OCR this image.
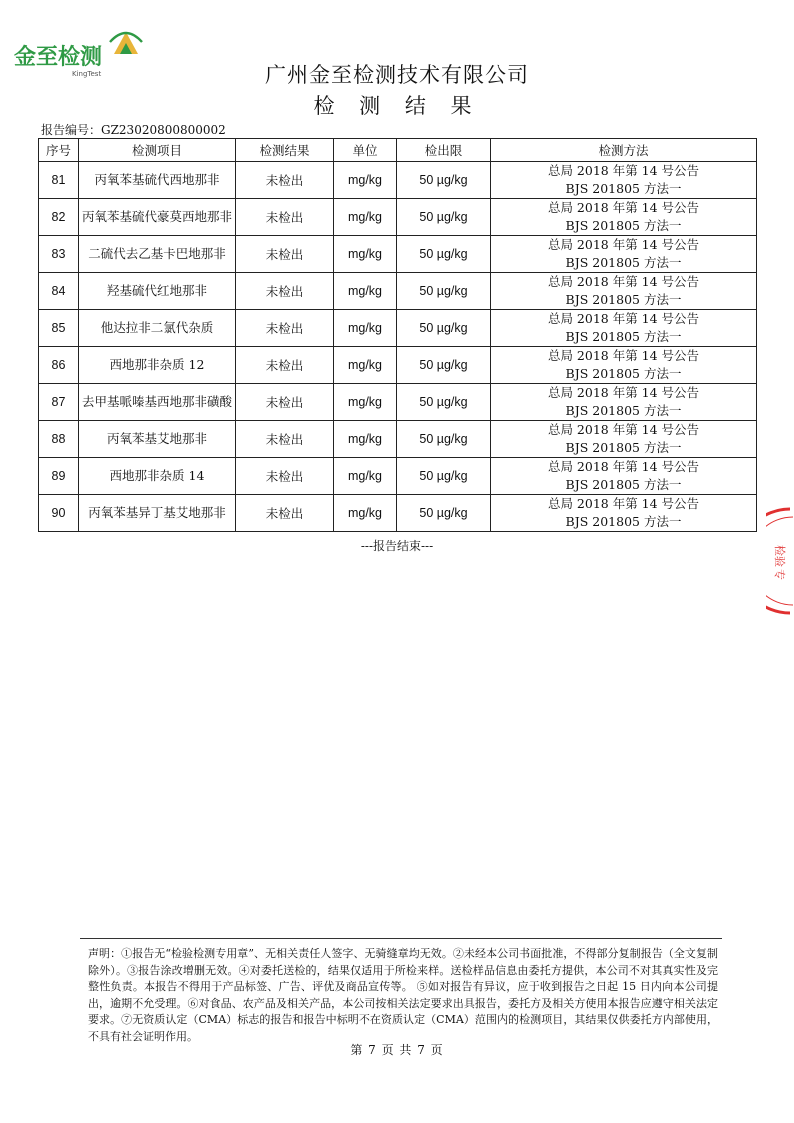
金至检测
KingTest	广州金至检测技术有限公司
检 测 结 果
报告编号：GZ23020800800002
序号	检测项目	检测结果	单位	检出限	检测方法
81	丙氧苯基硫代西地那非	未检出	mg/kg	50 µg/kg	总局 2018 年第 14 号公告
BJS 201805 方法一

82	丙氧苯基硫代豪莫西地那非	未检出	mg/kg	50 µg/kg	总局 2018 年第 14 号公告
BJS 201805 方法一

83	二硫代去乙基卡巴地那非	未检出	mg/kg	50 µg/kg	总局 2018 年第 14 号公告
BJS 201805 方法一

84	羟基硫代红地那非	未检出	mg/kg	50 µg/kg	总局 2018 年第 14 号公告
BJS 201805 方法一

85	他达拉非二氯代杂质	未检出	mg/kg	50 µg/kg	总局 2018 年第 14 号公告
BJS 201805 方法一

86	西地那非杂质 12	未检出	mg/kg	50 µg/kg	总局 2018 年第 14 号公告
BJS 201805 方法一

87	去甲基哌嗪基西地那非磺酸	未检出	mg/kg	50 µg/kg	总局 2018 年第 14 号公告
BJS 201805 方法一

88	丙氧苯基艾地那非	未检出	mg/kg	50 µg/kg	总局 2018 年第 14 号公告
BJS 201805 方法一

89	西地那非杂质 14	未检出	mg/kg	50 µg/kg	总局 2018 年第 14 号公告
BJS 201805 方法一

90	丙氧苯基异丁基艾地那非	未检出	mg/kg	50 µg/kg	总局 2018 年第 14 号公告
BJS 201805 方法一
---报告结束---	检验
专
声明：①报告无“检验检测专用章”、无相关责任人签字、无骑缝章均无效。②未经本公司书面批准，不得部分复制报告（全文复制除外）。③报告涂改增删无效。④对委托送检的，结果仅适用于所检来样。送检样品信息由委托方提供，本公司不对其真实性及完整性负责。本报告不得用于产品标签、广告、评优及商品宣传等。 ⑤如对报告有异议，应于收到报告之日起 15 日内向本公司提出，逾期不允受理。⑥对食品、农产品及相关产品，本公司按相关法定要求出具报告，委托方及相关方使用本报告应遵守相关法定要求。⑦无资质认定（CMA）标志的报告和报告中标明不在资质认定（CMA）范围内的检测项目，其结果仅供委托方内部使用，不具有社会证明作用。
第 7 页 共 7 页
